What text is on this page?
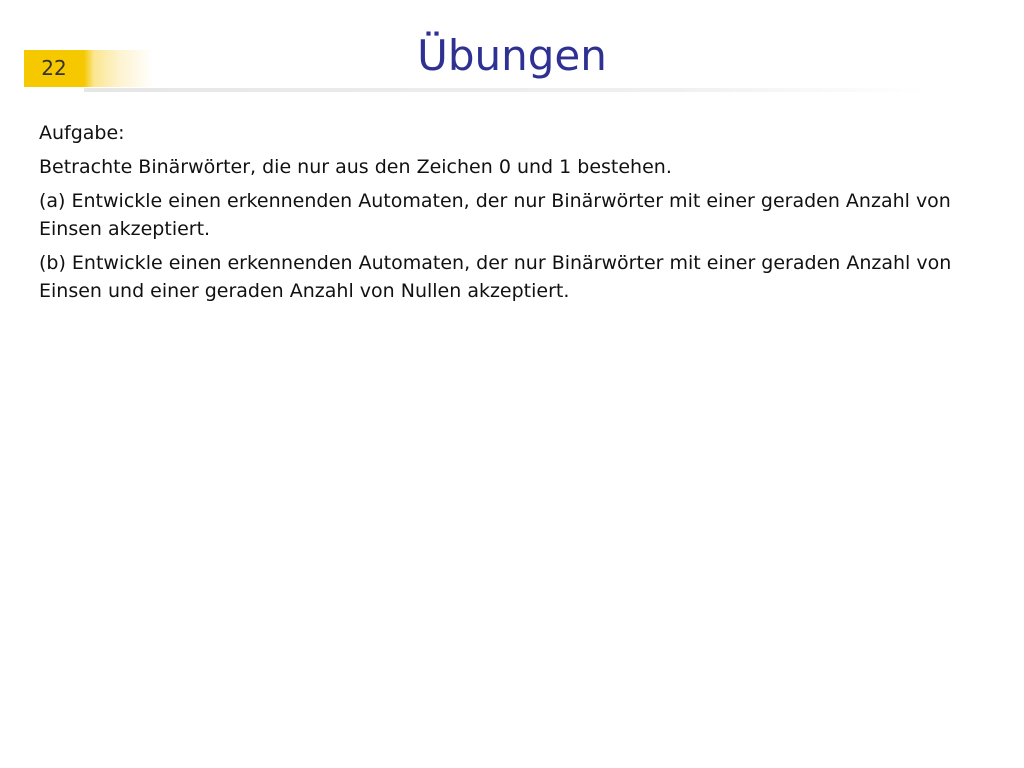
22	Übungen

Aufgabe:

Betrachte Binärwörter, die nur aus den Zeichen 0 und 1 bestehen.

(a) Entwickle einen erkennenden Automaten, der nur Binärwörter mit einer geraden Anzahl von Einsen akzeptiert.

(b) Entwickle einen erkennenden Automaten, der nur Binärwörter mit einer geraden Anzahl von Einsen und einer geraden Anzahl von Nullen akzeptiert.
